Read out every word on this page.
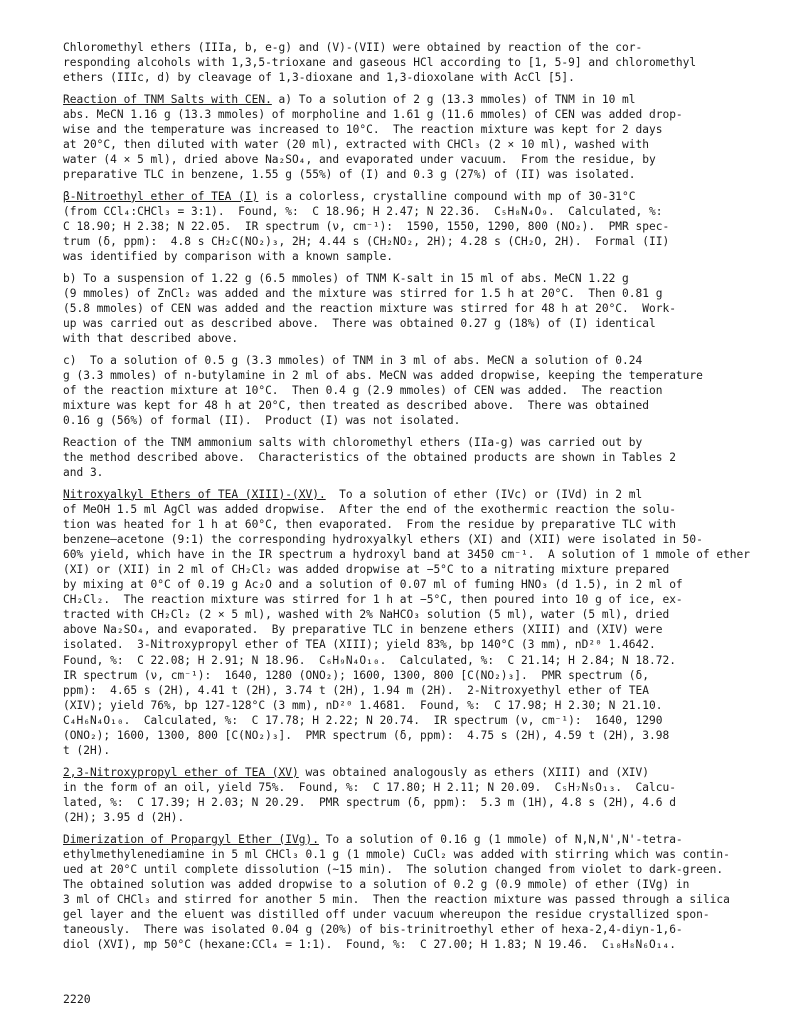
Chloromethyl ethers (IIIa, b, e-g) and (V)-(VII) were obtained by reaction of the cor-
responding alcohols with 1,3,5-trioxane and gaseous HCl according to [1, 5-9] and chloromethyl
ethers (IIIc, d) by cleavage of 1,3-dioxane and 1,3-dioxolane with AcCl [5].

Reaction of TNM Salts with CEN. a) To a solution of 2 g (13.3 mmoles) of TNM in 10 ml
abs. MeCN 1.16 g (13.3 mmoles) of morpholine and 1.61 g (11.6 mmoles) of CEN was added drop-
wise and the temperature was increased to 10°C.  The reaction mixture was kept for 2 days
at 20°C, then diluted with water (20 ml), extracted with CHCl₃ (2 × 10 ml), washed with
water (4 × 5 ml), dried above Na₂SO₄, and evaporated under vacuum.  From the residue, by
preparative TLC in benzene, 1.55 g (55%) of (I) and 0.3 g (27%) of (II) was isolated.

β-Nitroethyl ether of TEA (I) is a colorless, crystalline compound with mp of 30-31°C
(from CCl₄:CHCl₃ = 3:1).  Found, %:  C 18.96; H 2.47; N 22.36.  C₅H₈N₄O₉.  Calculated, %:
C 18.90; H 2.38; N 22.05.  IR spectrum (ν, cm⁻¹):  1590, 1550, 1290, 800 (NO₂).  PMR spec-
trum (δ, ppm):  4.8 s CH₂C(NO₂)₃, 2H; 4.44 s (CH₂NO₂, 2H); 4.28 s (CH₂O, 2H).  Formal (II)
was identified by comparison with a known sample.

b) To a suspension of 1.22 g (6.5 mmoles) of TNM K-salt in 15 ml of abs. MeCN 1.22 g
(9 mmoles) of ZnCl₂ was added and the mixture was stirred for 1.5 h at 20°C.  Then 0.81 g
(5.8 mmoles) of CEN was added and the reaction mixture was stirred for 48 h at 20°C.  Work-
up was carried out as described above.  There was obtained 0.27 g (18%) of (I) identical
with that described above.

c)  To a solution of 0.5 g (3.3 mmoles) of TNM in 3 ml of abs. MeCN a solution of 0.24
g (3.3 mmoles) of n-butylamine in 2 ml of abs. MeCN was added dropwise, keeping the temperature
of the reaction mixture at 10°C.  Then 0.4 g (2.9 mmoles) of CEN was added.  The reaction
mixture was kept for 48 h at 20°C, then treated as described above.  There was obtained
0.16 g (56%) of formal (II).  Product (I) was not isolated.

Reaction of the TNM ammonium salts with chloromethyl ethers (IIa-g) was carried out by
the method described above.  Characteristics of the obtained products are shown in Tables 2
and 3.

Nitroxyalkyl Ethers of TEA (XIII)-(XV).  To a solution of ether (IVc) or (IVd) in 2 ml
of MeOH 1.5 ml AgCl was added dropwise.  After the end of the exothermic reaction the solu-
tion was heated for 1 h at 60°C, then evaporated.  From the residue by preparative TLC with
benzene—acetone (9:1) the corresponding hydroxyalkyl ethers (XI) and (XII) were isolated in 50-
60% yield, which have in the IR spectrum a hydroxyl band at 3450 cm⁻¹.  A solution of 1 mmole of ether
(XI) or (XII) in 2 ml of CH₂Cl₂ was added dropwise at −5°C to a nitrating mixture prepared
by mixing at 0°C of 0.19 g Ac₂O and a solution of 0.07 ml of fuming HNO₃ (d 1.5), in 2 ml of
CH₂Cl₂.  The reaction mixture was stirred for 1 h at −5°C, then poured into 10 g of ice, ex-
tracted with CH₂Cl₂ (2 × 5 ml), washed with 2% NaHCO₃ solution (5 ml), water (5 ml), dried
above Na₂SO₄, and evaporated.  By preparative TLC in benzene ethers (XIII) and (XIV) were
isolated.  3-Nitroxypropyl ether of TEA (XIII); yield 83%, bp 140°C (3 mm), nD²⁰ 1.4642.
Found, %:  C 22.08; H 2.91; N 18.96.  C₆H₉N₄O₁₀.  Calculated, %:  C 21.14; H 2.84; N 18.72.
IR spectrum (ν, cm⁻¹):  1640, 1280 (ONO₂); 1600, 1300, 800 [C(NO₂)₃].  PMR spectrum (δ,
ppm):  4.65 s (2H), 4.41 t (2H), 3.74 t (2H), 1.94 m (2H).  2-Nitroxyethyl ether of TEA
(XIV); yield 76%, bp 127-128°C (3 mm), nD²⁰ 1.4681.  Found, %:  C 17.98; H 2.30; N 21.10.
C₄H₆N₄O₁₀.  Calculated, %:  C 17.78; H 2.22; N 20.74.  IR spectrum (ν, cm⁻¹):  1640, 1290
(ONO₂); 1600, 1300, 800 [C(NO₂)₃].  PMR spectrum (δ, ppm):  4.75 s (2H), 4.59 t (2H), 3.98
t (2H).

2,3-Nitroxypropyl ether of TEA (XV) was obtained analogously as ethers (XIII) and (XIV)
in the form of an oil, yield 75%.  Found, %:  C 17.80; H 2.11; N 20.09.  C₅H₇N₅O₁₃.  Calcu-
lated, %:  C 17.39; H 2.03; N 20.29.  PMR spectrum (δ, ppm):  5.3 m (1H), 4.8 s (2H), 4.6 d
(2H); 3.95 d (2H).

Dimerization of Propargyl Ether (IVg). To a solution of 0.16 g (1 mmole) of N,N,N',N'-tetra-
ethylmethylenediamine in 5 ml CHCl₃ 0.1 g (1 mmole) CuCl₂ was added with stirring which was contin-
ued at 20°C until complete dissolution (~15 min).  The solution changed from violet to dark-green.
The obtained solution was added dropwise to a solution of 0.2 g (0.9 mmole) of ether (IVg) in
3 ml of CHCl₃ and stirred for another 5 min.  Then the reaction mixture was passed through a silica
gel layer and the eluent was distilled off under vacuum whereupon the residue crystallized spon-
taneously.  There was isolated 0.04 g (20%) of bis-trinitroethyl ether of hexa-2,4-diyn-1,6-
diol (XVI), mp 50°C (hexane:CCl₄ = 1:1).  Found, %:  C 27.00; H 1.83; N 19.46.  C₁₀H₈N₆O₁₄.

2220
